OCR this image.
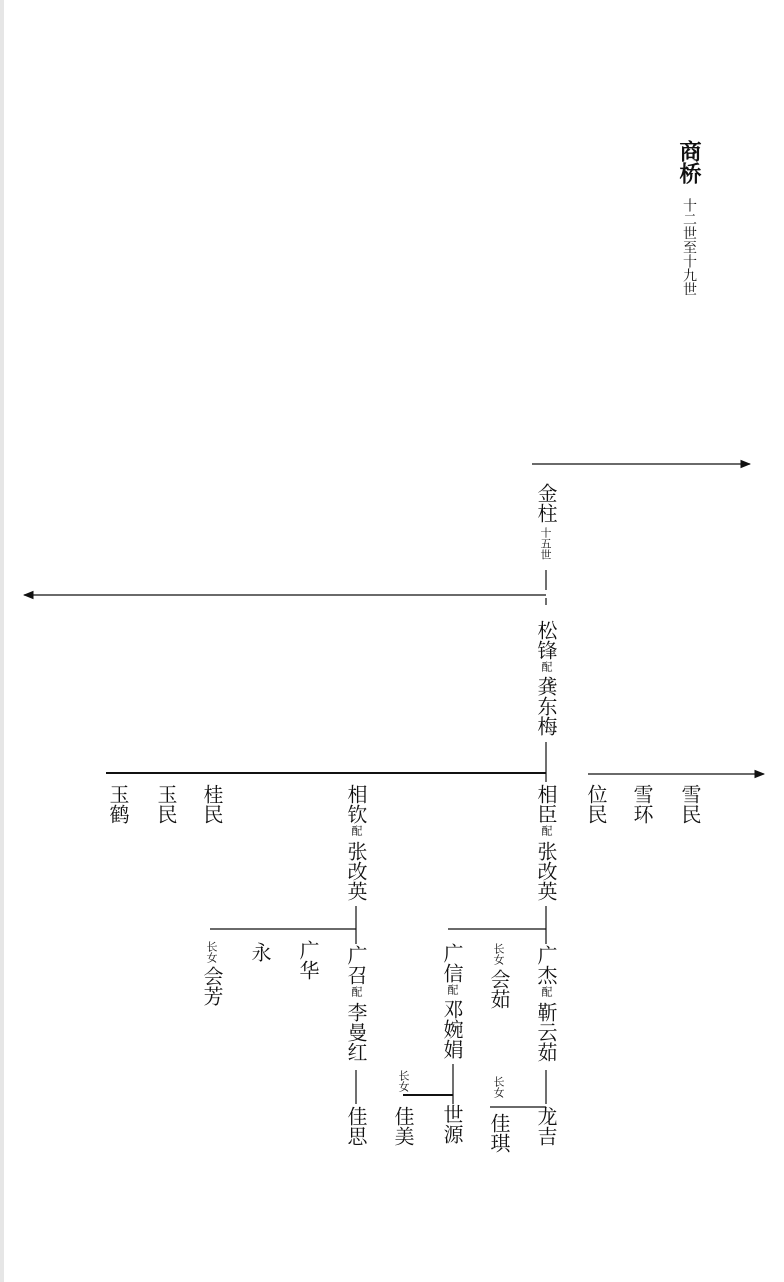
商桥
十二世至十九世
金柱
十五世
松锋
配
龚东梅
相臣
配
张改英
相钦
配
张改英
桂民
玉民
玉鹤	位民 雪环 雪民
广杰
配
靳云茹
长女
会茹
广信
配
邓婉娟
广召
配
李曼红
广华
永
长女
会芳
龙吉
长女
佳琪
世源
长女
佳美
佳思
